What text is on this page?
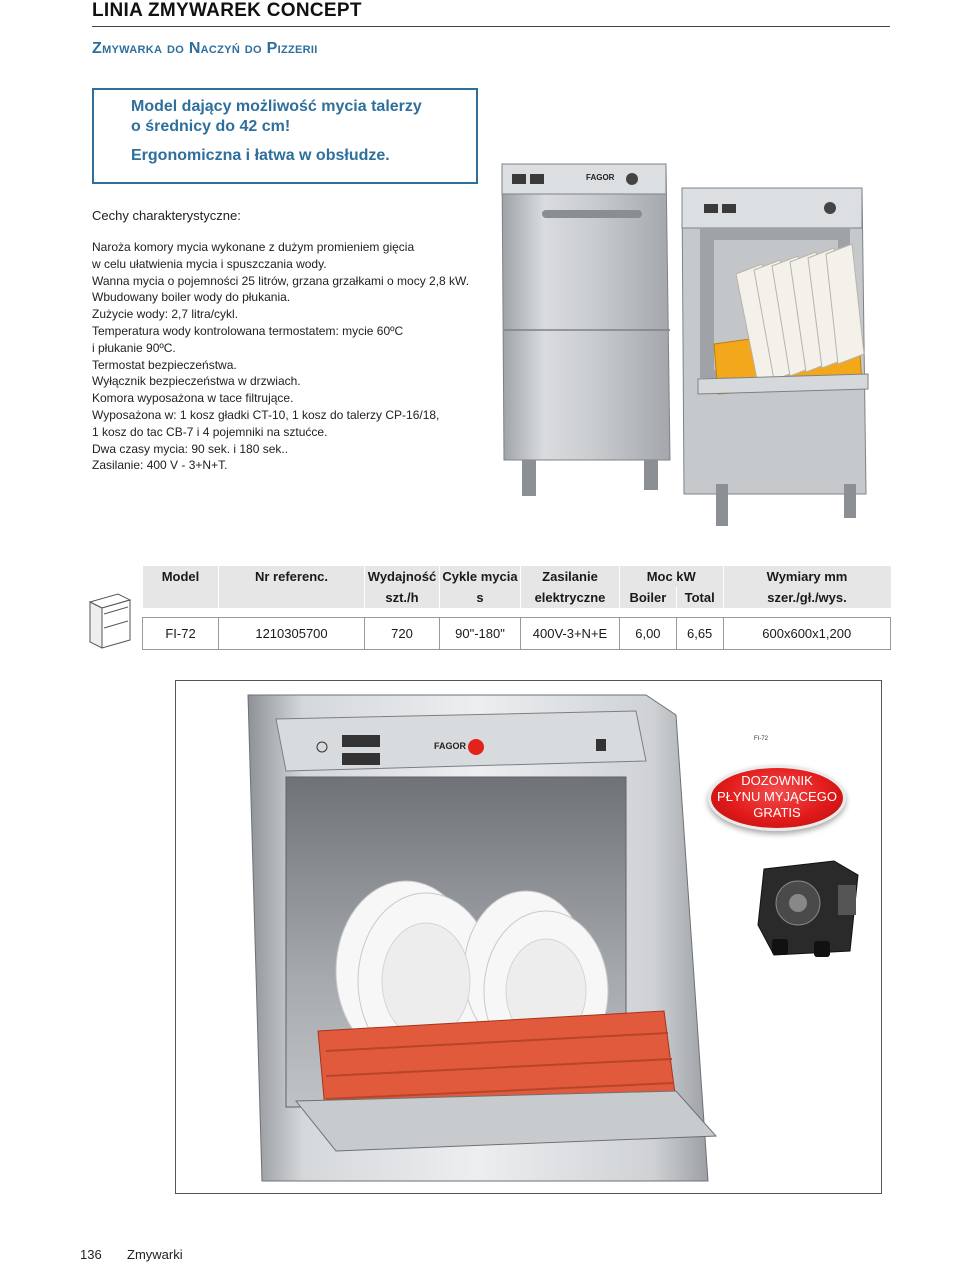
LINIA ZMYWAREK CONCEPT
Zmywarka do Naczyń do Pizzerii
Model dający możliwość mycia talerzy
o średnicy do 42 cm!
Ergonomiczna i łatwa w obsłudze.
Cechy charakterystyczne:
Naroża komory mycia wykonane z dużym promieniem gięcia
w celu ułatwienia mycia i spuszczania wody.
Wanna mycia o pojemności 25 litrów, grzana grzałkami o mocy 2,8 kW.
Wbudowany boiler wody do płukania.
Zużycie wody: 2,7 litra/cykl.
Temperatura wody kontrolowana termostatem: mycie 60ºC
i płukanie 90ºC.
Termostat bezpieczeństwa.
Wyłącznik bezpieczeństwa w drzwiach.
Komora wyposażona w tace filtrujące.
Wyposażona w: 1 kosz gładki CT-10, 1 kosz do talerzy CP-16/18,
1 kosz do tac CB-7 i 4 pojemniki na sztućce.
Dwa czasy mycia: 90 sek. i 180 sek..
Zasilanie: 400 V - 3+N+T.
FAGOR
Model	Nr referenc.	Wydajność	Cykle mycia	Zasilanie	Moc kW		Wymiary mm
		szt./h	s	elektryczne	Boiler	Total	szer./gł./wys.

FI-72	1210305700	720	90"-180"	400V-3+N+E	6,00	6,65	600x600x1,200
FAGOR
FI-72
DOZOWNIK
PŁYNU MYJĄCEGO
GRATIS
136 Zmywarki
